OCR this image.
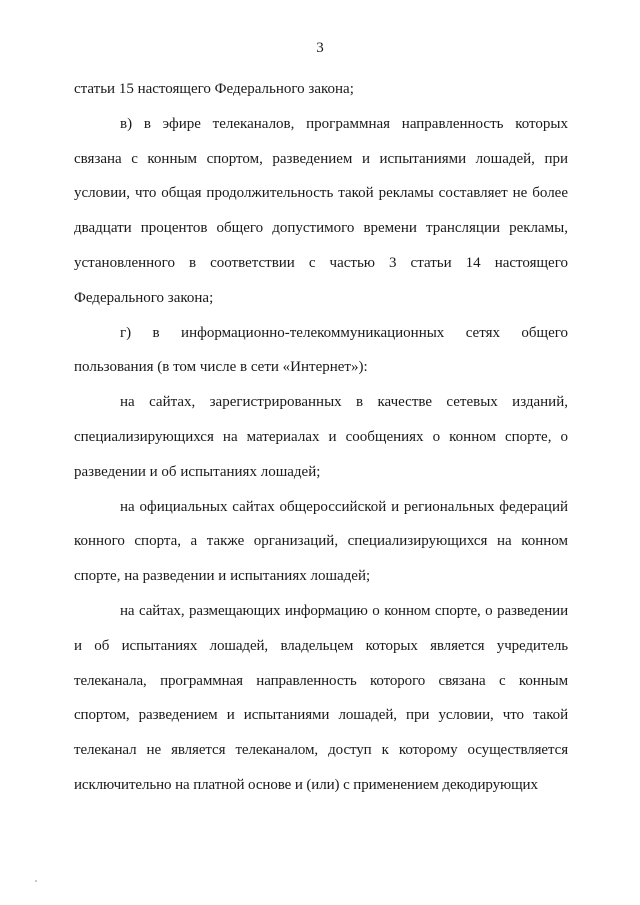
3

статьи 15 настоящего Федерального закона;

в) в эфире телеканалов, программная направленность которых связана с конным спортом, разведением и испытаниями лошадей, при условии, что общая продолжительность такой рекламы составляет не более двадцати процентов общего допустимого времени трансляции рекламы, установленного в соответствии с частью 3 статьи 14 настоящего Федерального закона;

г) в информационно-телекоммуникационных сетях общего пользования (в том числе в сети «Интернет»):

на сайтах, зарегистрированных в качестве сетевых изданий, специализирующихся на материалах и сообщениях о конном спорте, о разведении и об испытаниях лошадей;

на официальных сайтах общероссийской и региональных федераций конного спорта, а также организаций, специализирующихся на конном спорте, на разведении и испытаниях лошадей;

на сайтах, размещающих информацию о конном спорте, о разведении и об испытаниях лошадей, владельцем которых является учредитель телеканала, программная направленность которого связана с конным спортом, разведением и испытаниями лошадей, при условии, что такой телеканал не является телеканалом, доступ к которому осуществляется исключительно на платной основе и (или) с применением декодирующих
